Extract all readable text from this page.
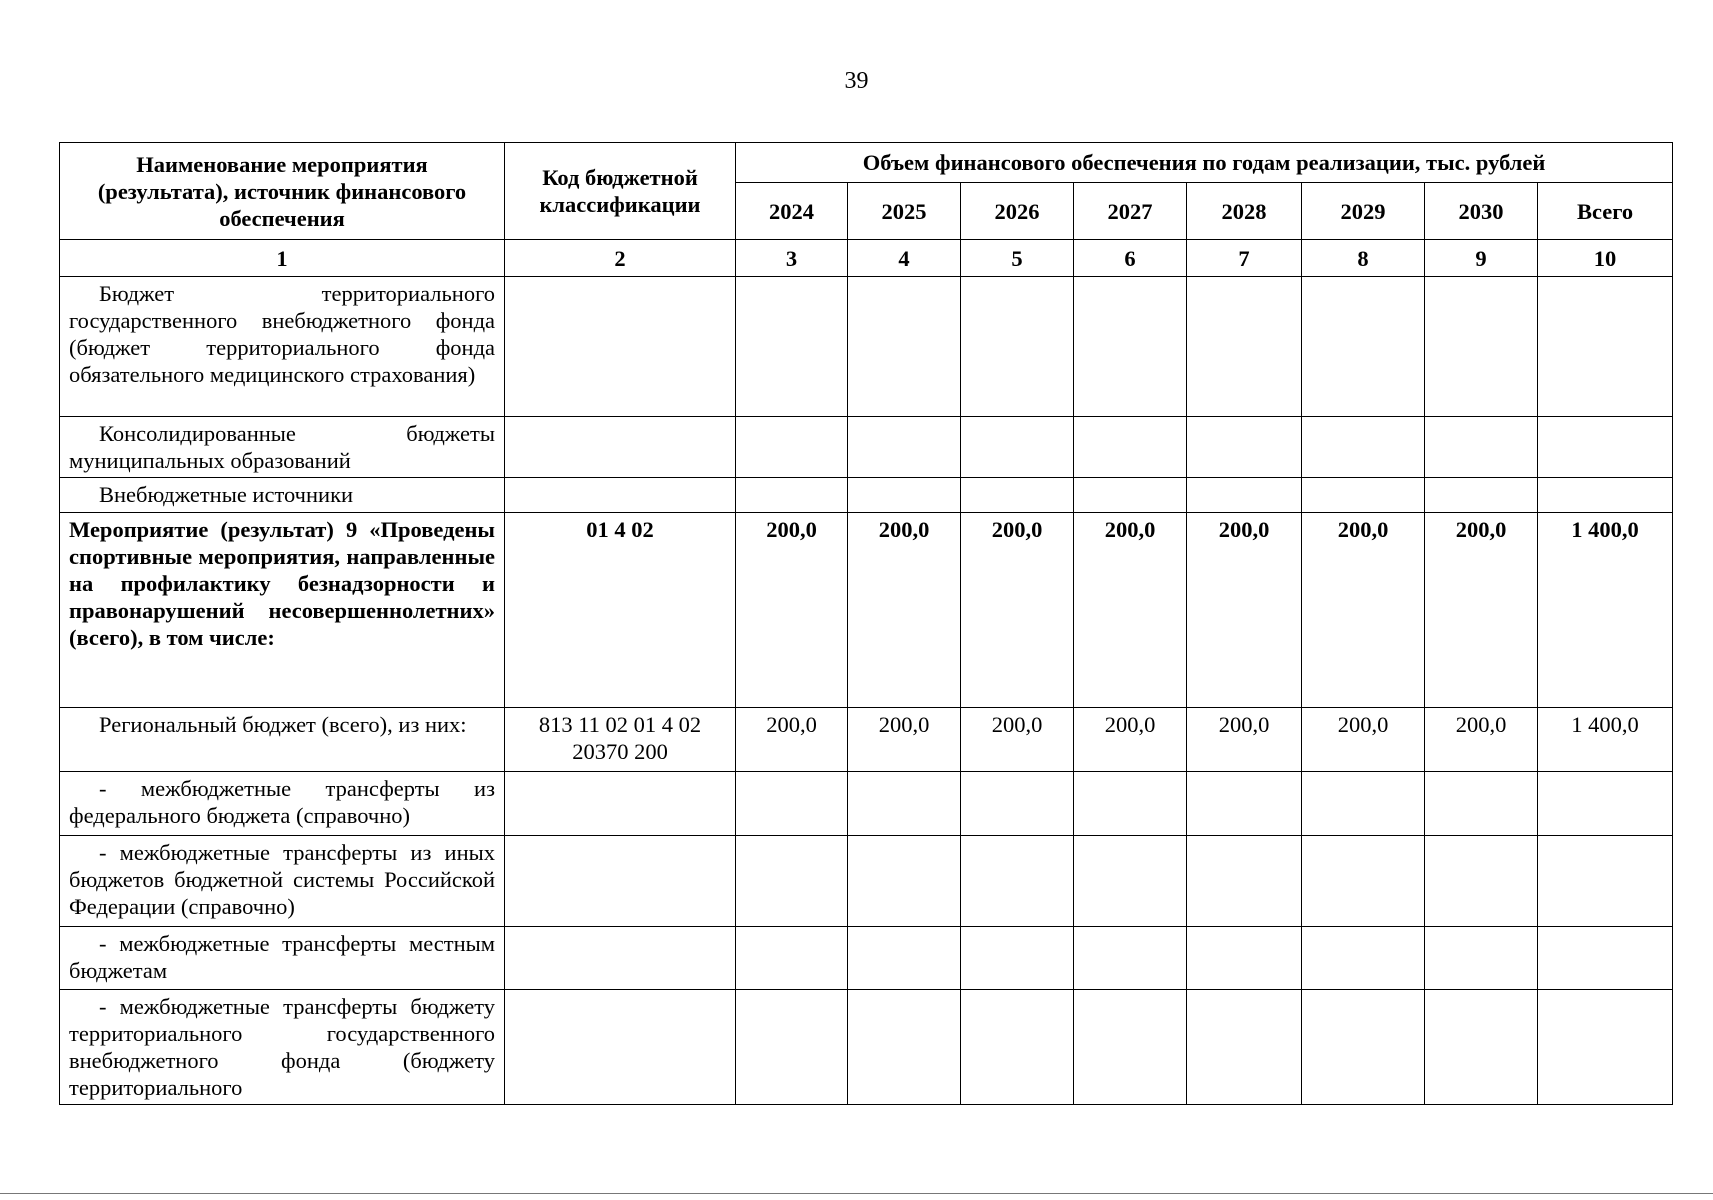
39
Наименование мероприятия (результата), источник финансового обеспечения	Код бюджетной классификации	Объем финансового обеспечения по годам реализации, тыс. рублей							
		2024	2025	2026	2027	2028	2029	2030	Всего
1	2	3	4	5	6	7	8	9	10
Бюджет территориального государственного внебюджетного фонда (бюджет территориального фонда обязательного медицинского страхования)									
Консолидированные бюджеты муниципальных образований									
Внебюджетные источники									
Мероприятие (результат) 9 «Проведены спортивные мероприятия, направленные на профилактику безнадзорности и правонарушений несовершеннолетних» (всего), в том числе:	01 4 02	200,0	200,0	200,0	200,0	200,0	200,0	200,0	1 400,0
Региональный бюджет (всего), из них:	813 11 02 01 4 02 20370 200	200,0	200,0	200,0	200,0	200,0	200,0	200,0	1 400,0
- межбюджетные трансферты из федерального бюджета (справочно)									
- межбюджетные трансферты из иных бюджетов бюджетной системы Российской Федерации (справочно)									
- межбюджетные трансферты местным бюджетам									
- межбюджетные трансферты бюджету территориального государственного внебюджетного фонда (бюджету территориального									
